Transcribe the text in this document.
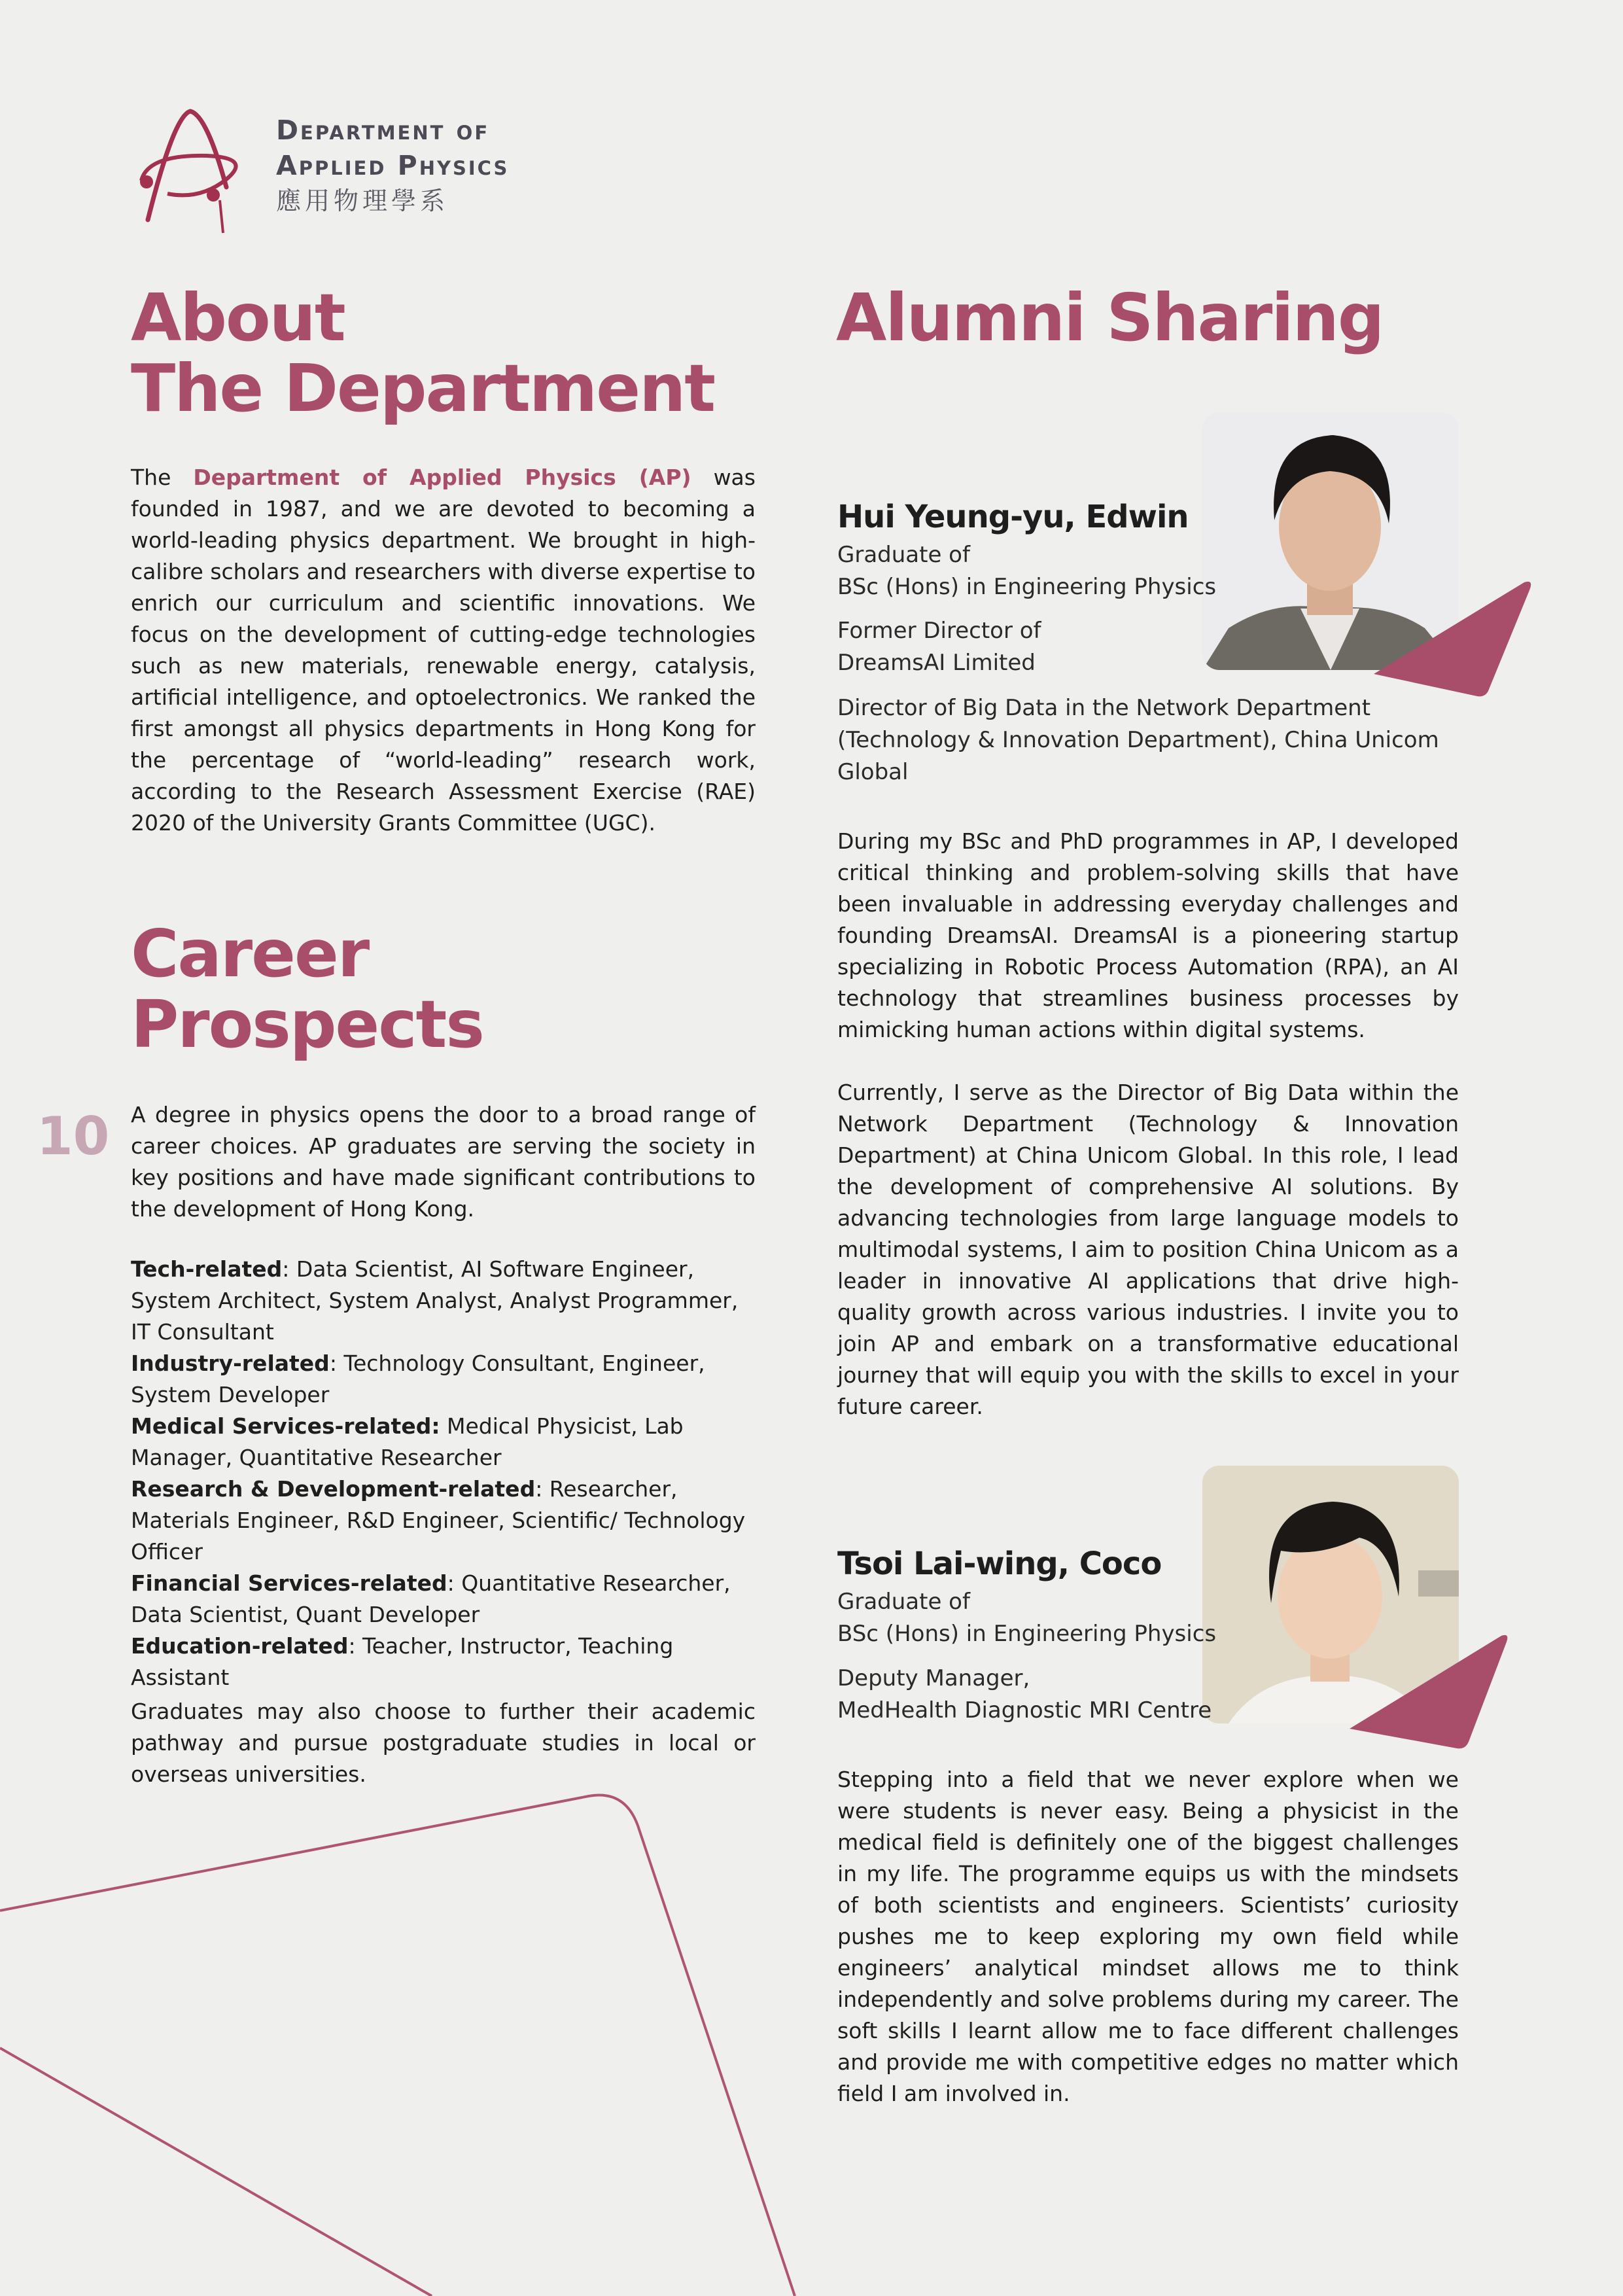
Department of
Applied Physics
應用物理學系
About
The Department
The Department of Applied Physics (AP) was founded in 1987, and we are devoted to becoming a world-leading physics department. We brought in high-calibre scholars and researchers with diverse expertise to enrich our curriculum and scientific innovations. We focus on the development of cutting-edge technologies such as new materials, renewable energy, catalysis, artificial intelligence, and optoelectronics. We ranked the first amongst all physics departments in Hong Kong for the percentage of “world-leading” research work, according to the Research Assessment Exercise (RAE) 2020 of the University Grants Committee (UGC).
Career
Prospects
10 A degree in physics opens the door to a broad range of career choices. AP graduates are serving the society in key positions and have made significant contributions to the development of Hong Kong.
Tech-related: Data Scientist, AI Software Engineer, System Architect, System Analyst, Analyst Programmer, IT Consultant
Industry-related: Technology Consultant, Engineer, System Developer
Medical Services-related: Medical Physicist, Lab Manager, Quantitative Researcher
Research & Development-related: Researcher, Materials Engineer, R&D Engineer, Scientific/ Technology Officer
Financial Services-related: Quantitative Researcher, Data Scientist, Quant Developer
Education-related: Teacher, Instructor, Teaching Assistant
Graduates may also choose to further their academic pathway and pursue postgraduate studies in local or overseas universities.
Alumni Sharing
Hui Yeung-yu, Edwin
Graduate of
BSc (Hons) in Engineering Physics
Former Director of
DreamsAI Limited
Director of Big Data in the Network Department (Technology & Innovation Department), China Unicom Global
During my BSc and PhD programmes in AP, I developed critical thinking and problem-solving skills that have been invaluable in addressing everyday challenges and founding DreamsAI. DreamsAI is a pioneering startup specializing in Robotic Process Automation (RPA), an AI technology that streamlines business processes by mimicking human actions within digital systems.
Currently, I serve as the Director of Big Data within the Network Department (Technology & Innovation Department) at China Unicom Global. In this role, I lead the development of comprehensive AI solutions. By advancing technologies from large language models to multimodal systems, I aim to position China Unicom as a leader in innovative AI applications that drive high-quality growth across various industries. I invite you to join AP and embark on a transformative educational journey that will equip you with the skills to excel in your future career.
Tsoi Lai-wing, Coco
Graduate of
BSc (Hons) in Engineering Physics
Deputy Manager,
MedHealth Diagnostic MRI Centre
Stepping into a field that we never explore when we were students is never easy. Being a physicist in the medical field is definitely one of the biggest challenges in my life. The programme equips us with the mindsets of both scientists and engineers. Scientists’ curiosity pushes me to keep exploring my own field while engineers’ analytical mindset allows me to think independently and solve problems during my career. The soft skills I learnt allow me to face different challenges and provide me with competitive edges no matter which field I am involved in.
